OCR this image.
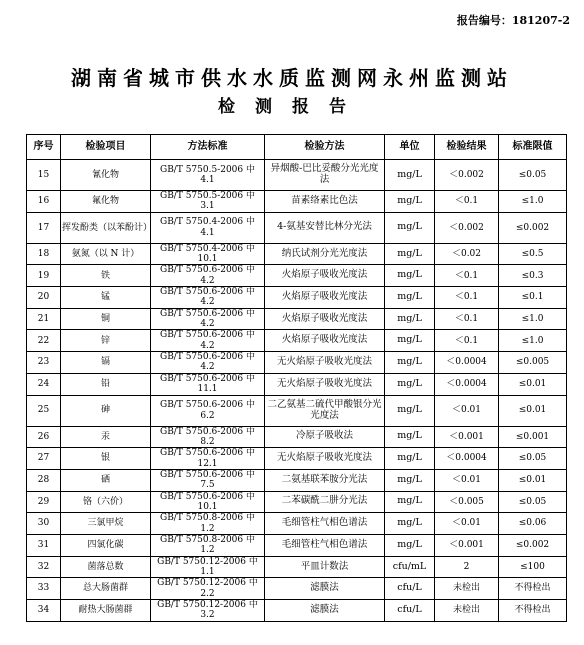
报告编号：181207-2
湖南省城市供水水质监测网永州监测站
检测报告
序号	检验项目	方法标准	检验方法	单位	检验结果	标准限值
15	氰化物	GB/T 5750.5-2006 中 4.1	异烟酸-巴比妥酸分光光度法	mg/L	＜0.002	≤0.05
16	氟化物	GB/T 5750.5-2006 中 3.1	苗素络素比色法	mg/L	＜0.1	≤1.0
17	挥发酚类（以苯酚计）	GB/T 5750.4-2006 中 4.1	4-氨基安替比林分光法	mg/L	＜0.002	≤0.002
18	氨氮（以 N 计）	GB/T 5750.4-2006 中 10.1	纳氏试剂分光光度法	mg/L	＜0.02	≤0.5
19	铁	GB/T 5750.6-2006 中 4.2	火焰原子吸收光度法	mg/L	＜0.1	≤0.3
20	锰	GB/T 5750.6-2006 中 4.2	火焰原子吸收光度法	mg/L	＜0.1	≤0.1
21	铜	GB/T 5750.6-2006 中 4.2	火焰原子吸收光度法	mg/L	＜0.1	≤1.0
22	锌	GB/T 5750.6-2006 中 4.2	火焰原子吸收光度法	mg/L	＜0.1	≤1.0
23	镉	GB/T 5750.6-2006 中 4.2	无火焰原子吸收光度法	mg/L	＜0.0004	≤0.005
24	铅	GB/T 5750.6-2006 中 11.1	无火焰原子吸收光度法	mg/L	＜0.0004	≤0.01
25	砷	GB/T 5750.6-2006 中 6.2	二乙氨基二硫代甲酸银分光光度法	mg/L	＜0.01	≤0.01
26	汞	GB/T 5750.6-2006 中 8.2	冷原子吸收法	mg/L	＜0.001	≤0.001
27	银	GB/T 5750.6-2006 中 12.1	无火焰原子吸收光度法	mg/L	＜0.0004	≤0.05
28	硒	GB/T 5750.6-2006 中 7.5	二氨基联苯胺分光法	mg/L	＜0.01	≤0.01
29	铬（六价）	GB/T 5750.6-2006 中 10.1	二苯碳酰二肼分光法	mg/L	＜0.005	≤0.05
30	三氯甲烷	GB/T 5750.8-2006 中 1.2	毛细管柱气相色谱法	mg/L	＜0.01	≤0.06
31	四氯化碳	GB/T 5750.8-2006 中 1.2	毛细管柱气相色谱法	mg/L	＜0.001	≤0.002
32	菌落总数	GB/T 5750.12-2006 中 1.1	平皿计数法	cfu/mL	2	≤100
33	总大肠菌群	GB/T 5750.12-2006 中 2.2	滤膜法	cfu/L	未检出	不得检出
34	耐热大肠菌群	GB/T 5750.12-2006 中 3.2	滤膜法	cfu/L	未检出	不得检出
